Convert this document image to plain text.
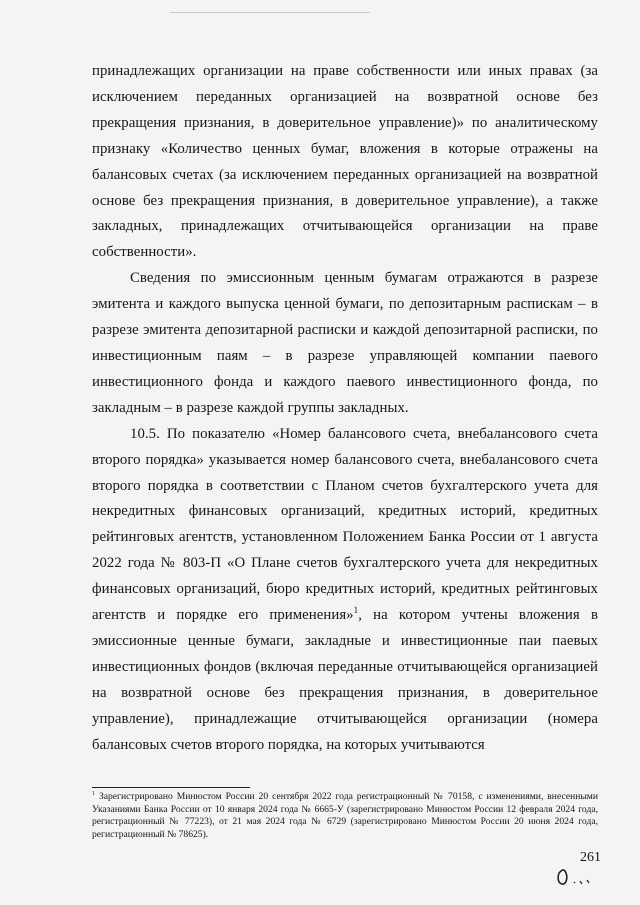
принадлежащих организации на праве собственности или иных правах (за исключением переданных организацией на возвратной основе без прекращения признания, в доверительное управление)» по аналитическому признаку «Количество ценных бумаг, вложения в которые отражены на балансовых счетах (за исключением переданных организацией на возвратной основе без прекращения признания, в доверительное управление), а также закладных, принадлежащих отчитывающейся организации на праве собственности».

Сведения по эмиссионным ценным бумагам отражаются в разрезе эмитента и каждого выпуска ценной бумаги, по депозитарным распискам – в разрезе эмитента депозитарной расписки и каждой депозитарной расписки, по инвестиционным паям – в разрезе управляющей компании паевого инвестиционного фонда и каждого паевого инвестиционного фонда, по закладным – в разрезе каждой группы закладных.

10.5. По показателю «Номер балансового счета, внебалансового счета второго порядка» указывается номер балансового счета, внебалансового счета второго порядка в соответствии с Планом счетов бухгалтерского учета для некредитных финансовых организаций, кредитных историй, кредитных рейтинговых агентств, установленном Положением Банка России от 1 августа 2022 года № 803-П «О Плане счетов бухгалтерского учета для некредитных финансовых организаций, бюро кредитных историй, кредитных рейтинговых агентств и порядке его применения»$^1$, на котором учтены вложения в эмиссионные ценные бумаги, закладные и инвестиционные паи паевых инвестиционных фондов (включая переданные отчитывающейся организацией на возвратной основе без прекращения признания, в доверительное управление), принадлежащие отчитывающейся организации (номера балансовых счетов второго порядка, на которых учитываются

$^1$ Зарегистрировано Минюстом России 20 сентября 2022 года регистрационный № 70158, с изменениями, внесенными Указаниями Банка России от 10 января 2024 года № 6665-У (зарегистрировано Минюстом России 12 февраля 2024 года, регистрационный № 77223), от 21 мая 2024 года № 6729 (зарегистрировано Минюстом России 20 июня 2024 года, регистрационный № 78625).
261
